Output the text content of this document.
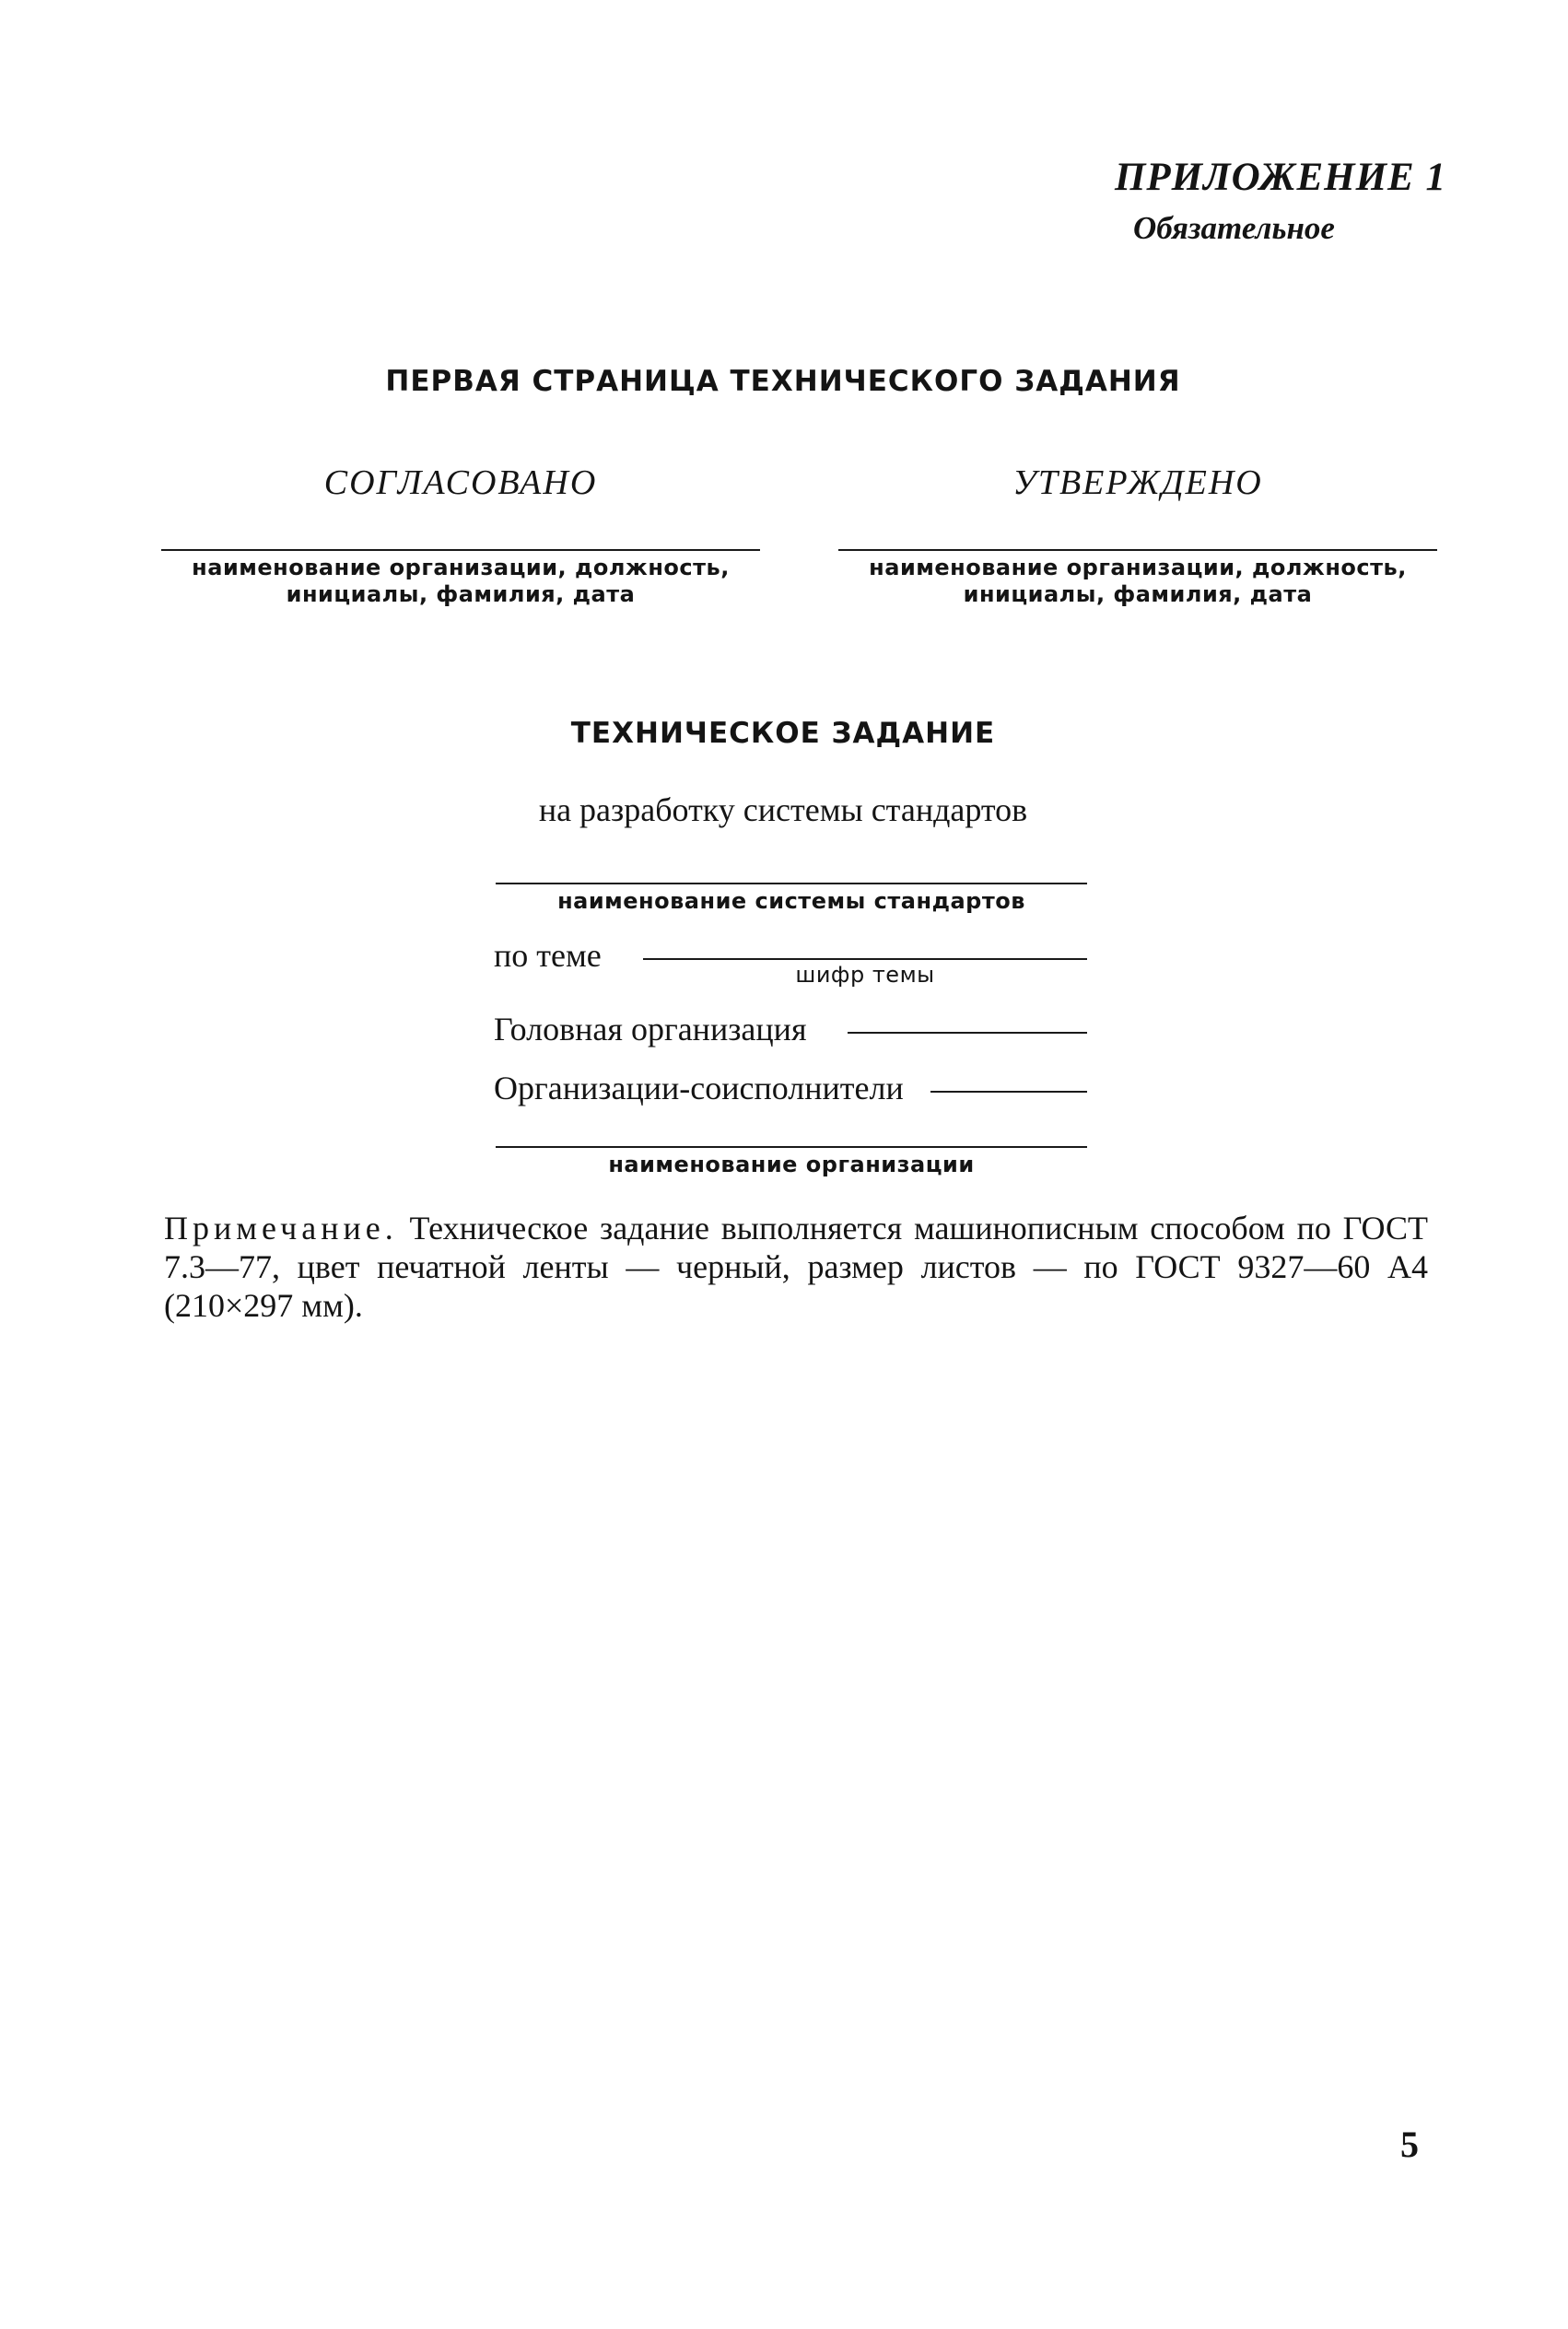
ПРИЛОЖЕНИЕ 1
Обязательное
ПЕРВАЯ СТРАНИЦА ТЕХНИЧЕСКОГО ЗАДАНИЯ
СОГЛАСОВАНО
наименование организации, должность,
инициалы, фамилия, дата
УТВЕРЖДЕНО
наименование организации, должность,
инициалы, фамилия, дата
ТЕХНИЧЕСКОЕ ЗАДАНИЕ
на разработку системы стандартов
наименование системы стандартов
по теме
шифр темы
Головная организация
Организации-соисполнители
наименование организации
Примечание. Техническое задание выполняется машинописным способом по ГОСТ 7.3—77, цвет печатной ленты — черный, размер листов — по ГОСТ 9327—60 А4 (210×297 мм).
5
